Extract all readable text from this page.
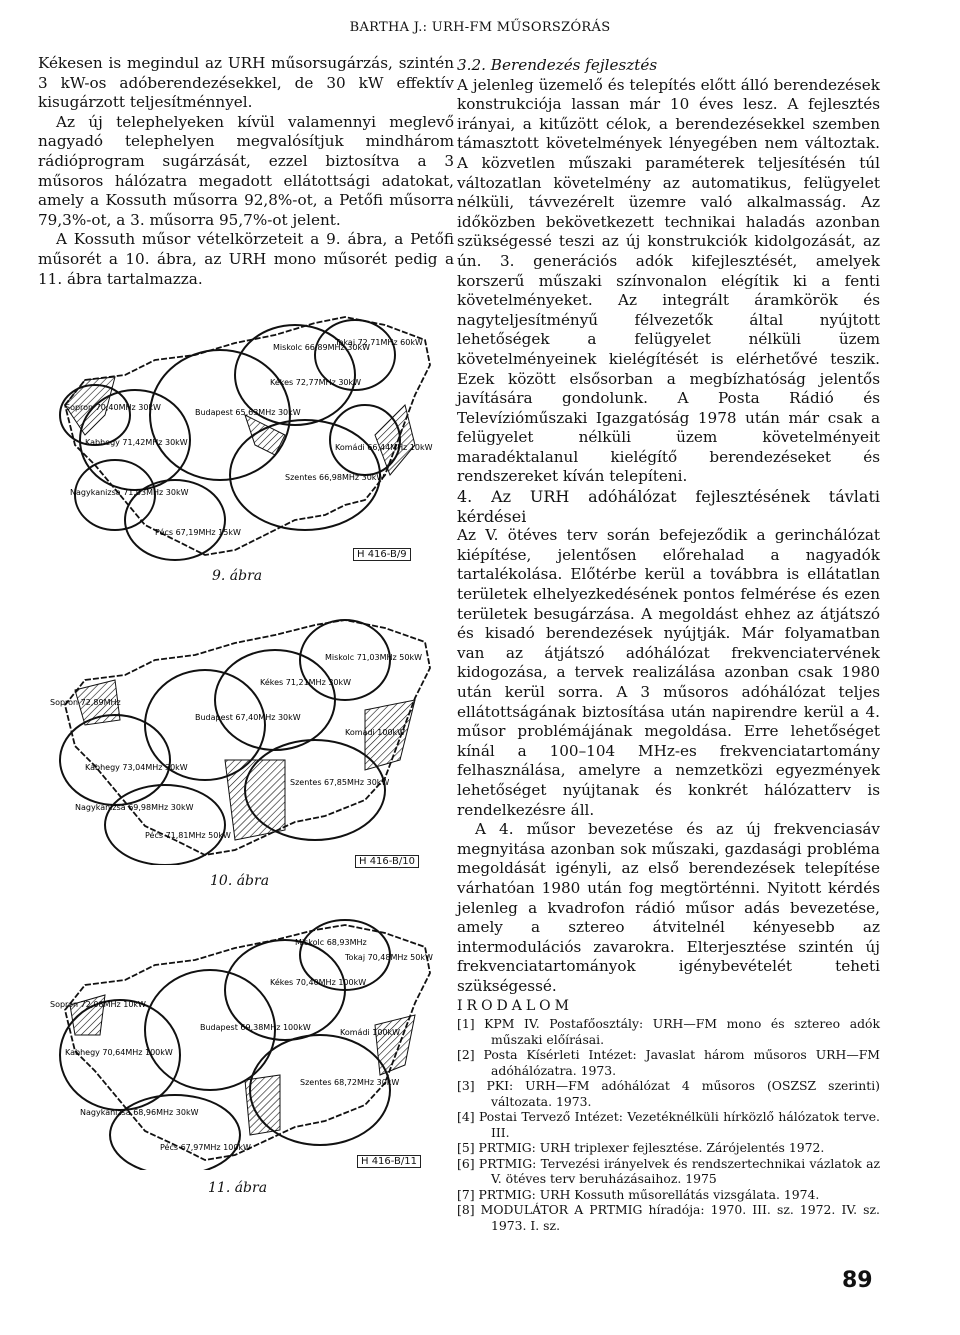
BARTHA J.: URH-FM MŰSORSZÓRÁS

Kékesen is megindul az URH műsorsugárzás, szintén 3 kW-os adóberendezésekkel, de 30 kW effektív kisugárzott teljesítménnyel.

Az új telephelyeken kívül valamennyi meglevő nagyadó telephelyen megvalósítjuk mindhárom rádióprogram sugárzását, ezzel biztosítva a 3 műsoros hálózatra megadott ellátottsági adatokat, amely a Kossuth műsorra 92,8%-ot, a Petőfi műsorra 79,3%-ot, a 3. műsorra 95,7%-ot jelent.

A Kossuth műsor vételkörzeteit a 9. ábra, a Petőfi műsorét a 10. ábra, az URH mono műsorét pedig a 11. ábra tartalmazza.

Miskolc 66,89MHz 30kW
Tokaj 72,71MHz 60kW
Kékes 72,77MHz 30kW
Budapest 65,63MHz 30kW
Sopron 70,40MHz 30kW
Kabhegy 71,42MHz 30kW
Szentes 66,98MHz 30kW
Komádi 66,44MHz 10kW
Nagykanizsa 71,03MHz 30kW
Pécs 67,19MHz 15kW
9. ábra
H 416-B/9
Miskolc 71,03MHz 50kW
Kékes 71,21MHz 30kW
Budapest 67,40MHz 30kW
Sopron 72,89MHz
Kabhegy 73,04MHz 30kW
Komádi 100kW
Szentes 67,85MHz 30kW
Nagykanizsa 69,98MHz 30kW
Pécs 71,81MHz 50kW
10. ábra
H 416-B/10
Miskolc 68,93MHz
Tokaj 70,48MHz 50kW
Kékes 70,40MHz 100kW
Budapest 69,38MHz 100kW
Sopron 72,08MHz 10kW
Kabhegy 70,64MHz 100kW
Komádi 100kW
Szentes 68,72MHz 30kW
Nagykanizsa 68,96MHz 30kW
Pécs 67,97MHz 100kW
11. ábra
H 416-B/11

3.2. Berendezés fejlesztés

A jelenleg üzemelő és telepítés előtt álló berendezések konstrukciója lassan már 10 éves lesz. A fejlesztés irányai, a kitűzött célok, a berendezésekkel szemben támasztott követelmények lényegében nem változtak. A közvetlen műszaki paraméterek teljesítésén túl változatlan követelmény az automatikus, felügyelet nélküli, távvezérelt üzemre való alkalmasság. Az időközben bekövetkezett technikai haladás azonban szükségessé teszi az új konstrukciók kidolgozását, az ún. 3. generációs adók kifejlesztését, amelyek korszerű műszaki színvonalon elégítik ki a fenti követelményeket. Az integrált áramkörök és nagyteljesítményű félvezetők által nyújtott lehetőségek a felügyelet nélküli üzem követelményeinek kielégítését is elérhetővé teszik. Ezek között elsősorban a megbízhatóság jelentős javítására gondolunk. A Posta Rádió és Televízióműszaki Igazgatóság 1978 után már csak a felügyelet nélküli üzem követelményeit maradéktalanul kielégítő berendezéseket és rendszereket kíván telepíteni.

4. Az URH adóhálózat fejlesztésének távlati kérdései

Az V. ötéves terv során befejeződik a gerinchálózat kiépítése, jelentősen előrehalad a nagyadók tartalékolása. Előtérbe kerül a továbbra is ellátatlan területek elhelyezkedésének pontos felmérése és ezen területek besugárzása. A megoldást ehhez az átjátszó és kisadó berendezések nyújtják. Már folyamatban van az átjátszó adóhálózat frekvenciatervének kidogozása, a tervek realizálása azonban csak 1980 után kerül sorra. A 3 műsoros adóhálózat teljes ellátottságának biztosítása után napirendre kerül a 4. műsor problémájának megoldása. Erre lehetőséget kínál a 100–104 MHz-es frekvenciatartomány felhasználása, amelyre a nemzetközi egyezmények lehetőséget nyújtanak és konkrét hálózatterv is rendelkezésre áll.

A 4. műsor bevezetése és az új frekvenciasáv megnyitása azonban sok műszaki, gazdasági probléma megoldását igényli, az első berendezések telepítése várhatóan 1980 után fog megtörténni. Nyitott kérdés jelenleg a kvadrofon rádió műsor adás bevezetése, amely a sztereo átvitelnél kényesebb az intermodulációs zavarokra. Elterjesztése szintén új frekvenciatartományok igénybevételét teheti szükségessé.

IRODALOM

[1] KPM IV. Postafőosztály: URH—FM mono és sztereo adók műszaki előírásai.

[2] Posta Kísérleti Intézet: Javaslat három műsoros URH—FM adóhálózatra. 1973.

[3] PKI: URH—FM adóhálózat 4 műsoros (OSZSZ szerinti) változata. 1973.

[4] Postai Tervező Intézet: Vezetéknélküli hírközlő hálózatok terve. III.

[5] PRTMIG: URH triplexer fejlesztése. Zárójelentés 1972.

[6] PRTMIG: Tervezési irányelvek és rendszertechnikai vázlatok az V. ötéves terv beruházásaihoz. 1975

[7] PRTMIG: URH Kossuth műsorellátás vizsgálata. 1974.

[8] MODULÁTOR A PRTMIG híradója: 1970. III. sz. 1972. IV. sz. 1973. I. sz.

89
